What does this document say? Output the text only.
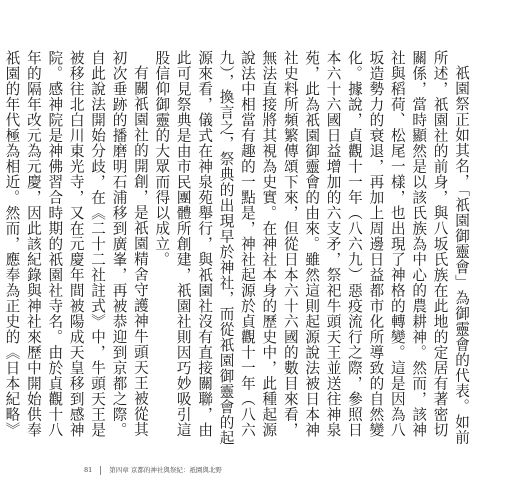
祇園祭正如其名，「祇園御靈會」為御靈會的代表。如前所述，祇園社的前身，與八坂氏族在此地的定居有著密切關係，當時顯然是以該氏族為中心的農耕神。然而，該神社與稻荷、松尾一樣，也出現了神格的轉變。這是因為八坂造勢力的衰退，再加上周邊日益都市化所導致的自然變化。據說，貞觀十一年（八六九）惡疫流行之際，參照日本六十六國日益增加的六支矛，祭祀牛頭天王並送往神泉苑，此為祇園御靈會的由來。雖然這則起源說法被日本神社史料所頻繁傳頌下來，但從日本六十六國的數目來看，無法直接將其視為史實。在神社本身的歷史中，此種起源說法中相當有趣的一點是，神社起源於貞觀十一年（八六九），換言之，祭典的出現早於神社，而從祇園御靈會的起源來看，儀式在神泉苑舉行，與祇園社沒有直接關聯，由此可見祭典是由市民團體所創建，祇園社則因巧妙吸引這股信仰御靈的大眾而得以成立。

有關祇園社的開創，是祇園精舍守護神牛頭天王被從其初次垂跡的播磨明石浦移到廣峯，再被恭迎到京都之際。自此說法開始分歧，在《二十二社註式》中，牛頭天王是被移往北白川東光寺，又在元慶年間被陽成天皇移到感神院。感神院是神佛習合時期的祇園社寺名。由於貞觀十八年的隔年改元為元慶，因此該紀錄與神社來歷中開始供奉祇園的年代極為相近。然而，應奉為正史的《日本紀略》

81	第四章 京都的神社與祭紀：祇園與北野
